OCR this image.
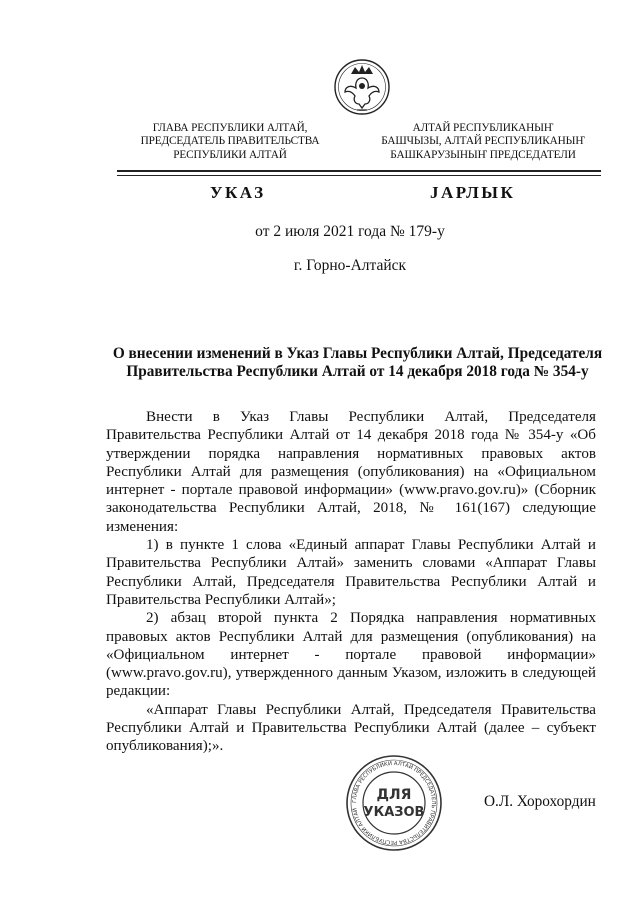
ГЛАВА РЕСПУБЛИКИ АЛТАЙ,
ПРЕДСЕДАТЕЛЬ ПРАВИТЕЛЬСТВА
РЕСПУБЛИКИ АЛТАЙ
АЛТАЙ РЕСПУБЛИКАНЫҤ
БАШЧЫЗЫ, АЛТАЙ РЕСПУБЛИКАНЫҤ
БАШКАРУЗЫНЫҤ ПРЕДСЕДАТЕЛИ
УКАЗ	ЈАРЛЫК
от 2 июля 2021 года № 179-у
г. Горно-Алтайск
О внесении изменений в Указ Главы Республики Алтай, Председателя
Правительства Республики Алтай от 14 декабря 2018 года № 354-у

Внести в Указ Главы Республики Алтай, Председателя Правительства Республики Алтай от 14 декабря 2018 года № 354-у «Об утверждении порядка направления нормативных правовых актов Республики Алтай для размещения (опубликования) на «Официальном интернет - портале правовой информации» (www.pravo.gov.ru)» (Сборник законодательства Республики Алтай, 2018, № 161(167) следующие изменения:

1) в пункте 1 слова «Единый аппарат Главы Республики Алтай и Правительства Республики Алтай» заменить словами «Аппарат Главы Республики Алтай, Председателя Правительства Республики Алтай и Правительства Республики Алтай»;

2) абзац второй пункта 2 Порядка направления нормативных правовых актов Республики Алтай для размещения (опубликования) на «Официальном интернет - портале правовой информации» (www.pravo.gov.ru), утвержденного данным Указом, изложить в следующей редакции:

«Аппарат Главы Республики Алтай, Председателя Правительства Республики Алтай и Правительства Республики Алтай (далее – субъект опубликования);».

ГЛАВА РЕСПУБЛИКИ АЛТАЙ ПРЕДСЕДАТЕЛЬ ПРАВИТЕЛЬСТВА РЕСПУБЛИКИ АЛТАЙ
ДЛЯ
УКАЗОВ
О.Л. Хорохордин
